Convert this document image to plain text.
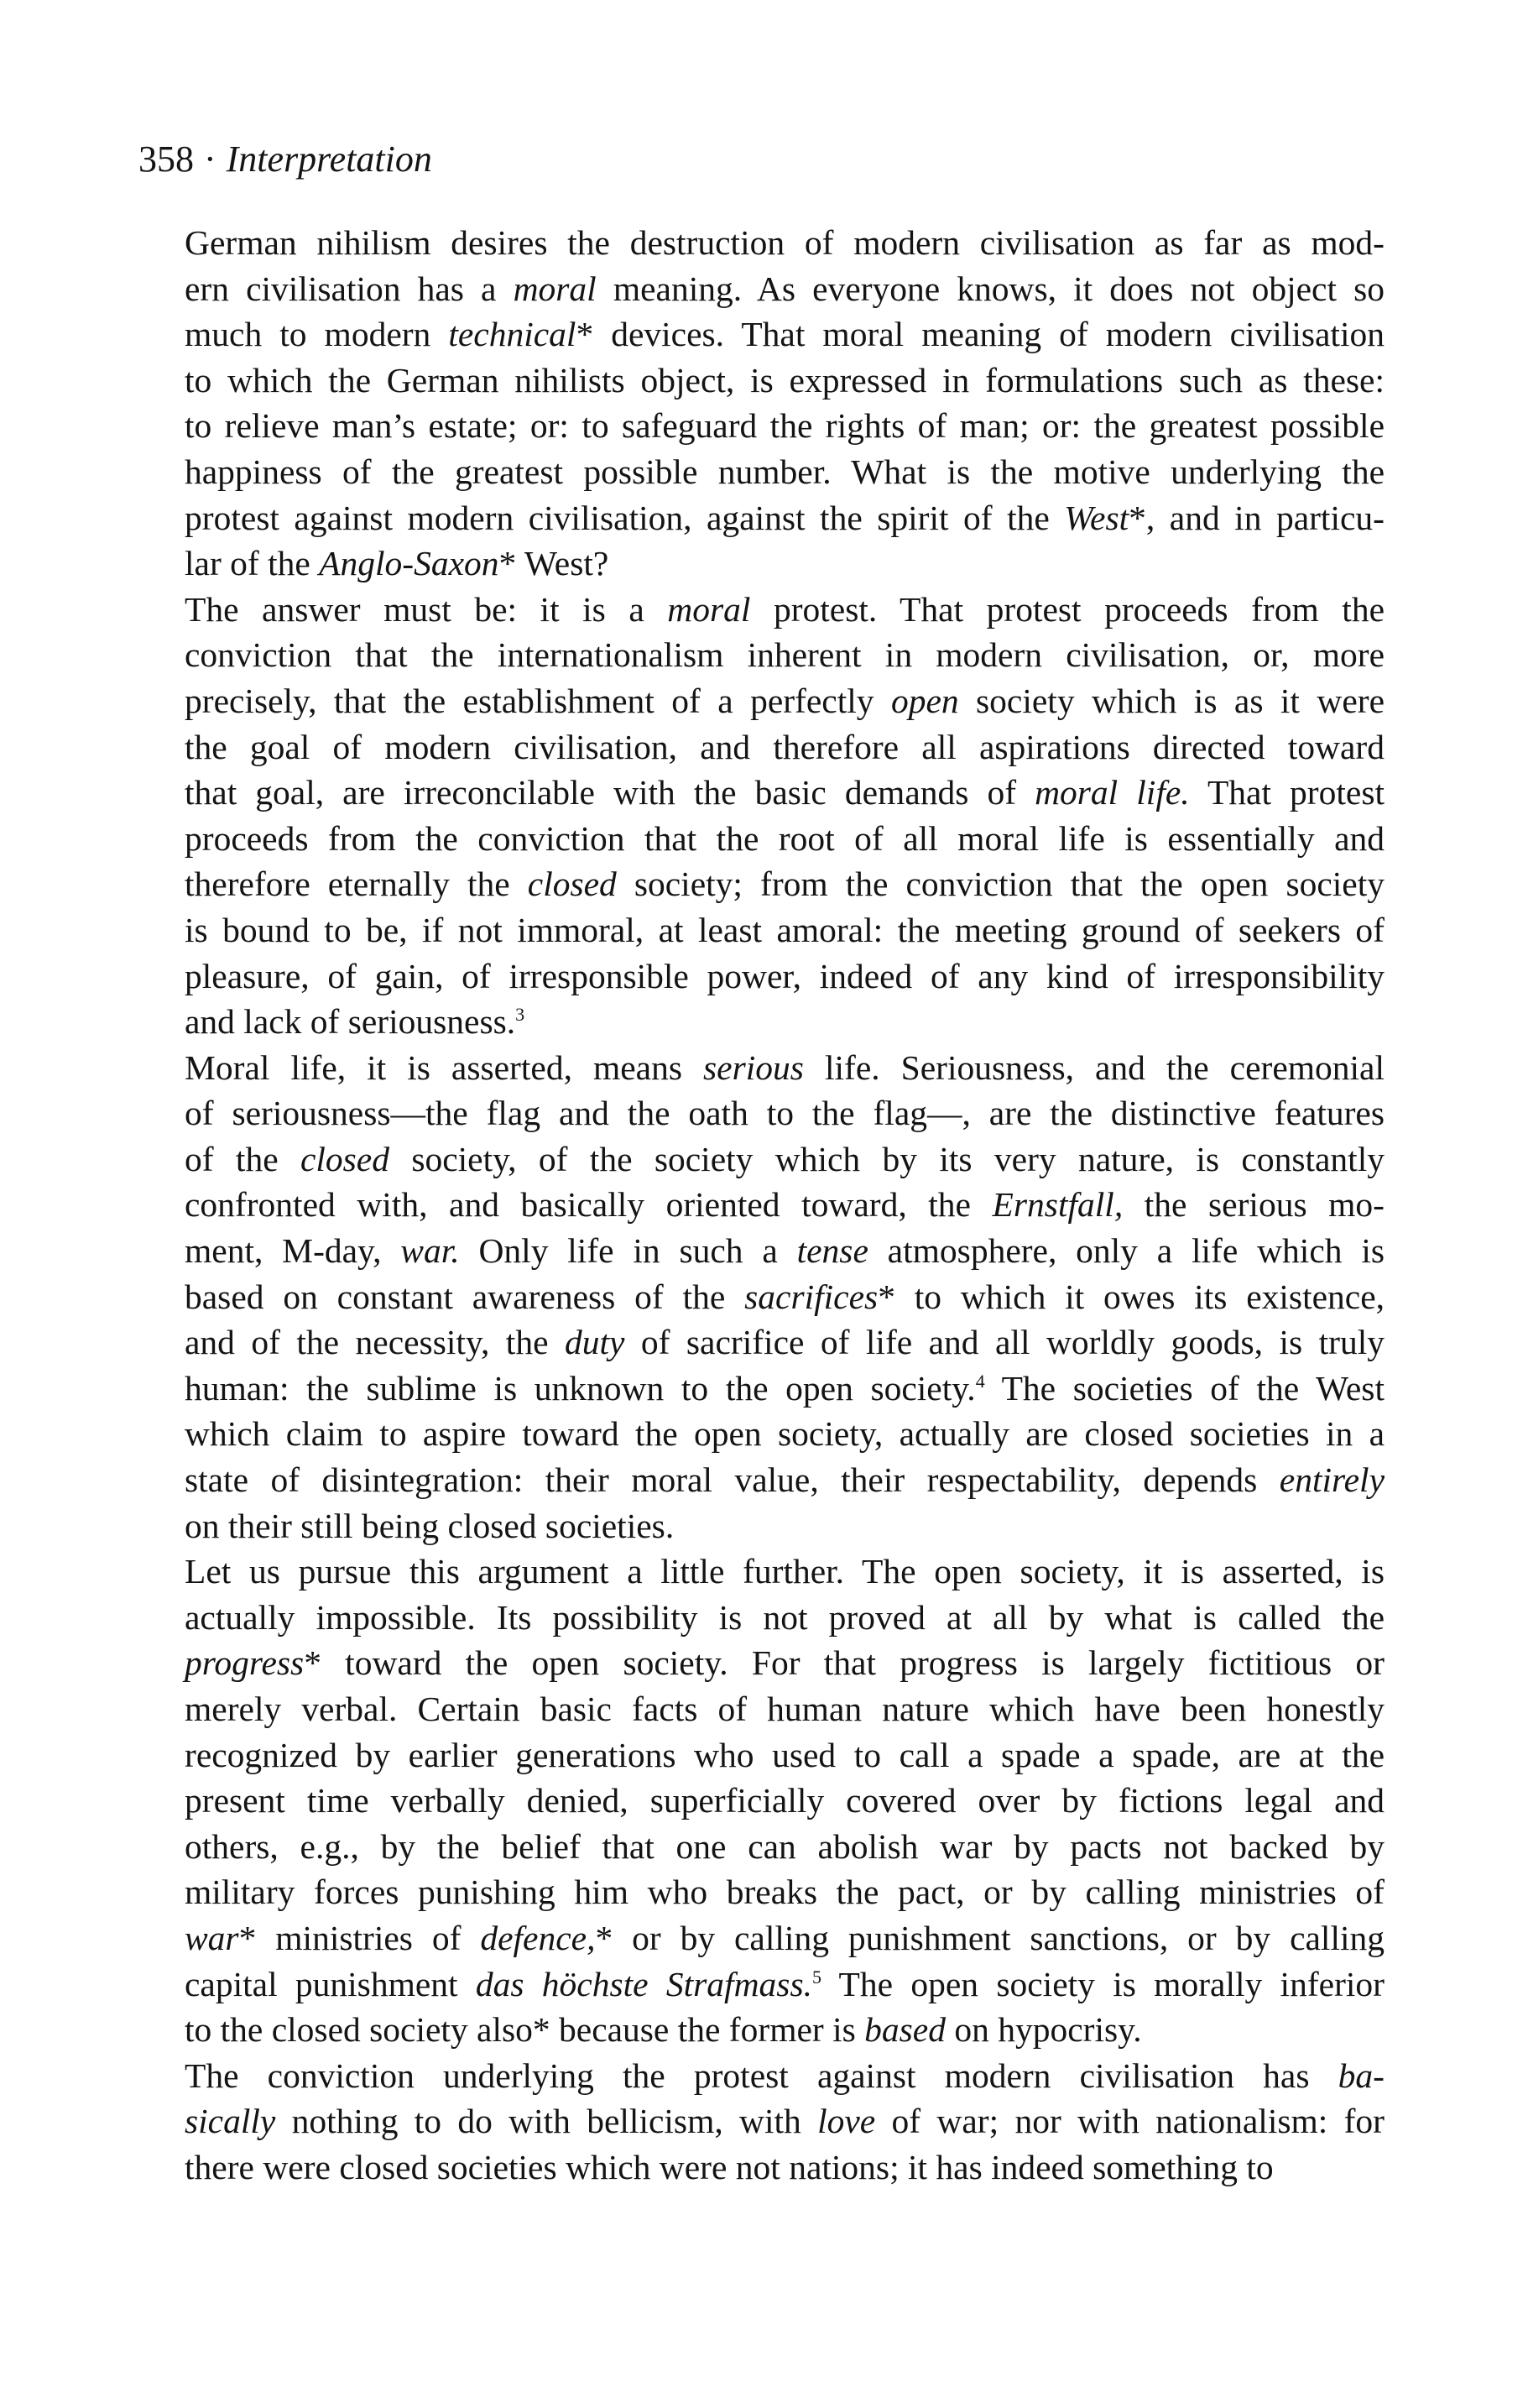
358 · Interpretation
German nihilism desires the destruction of modern civilisation as far as mod-
ern civilisation has a moral meaning. As everyone knows, it does not object so
much to modern technical* devices. That moral meaning of modern civilisation
to which the German nihilists object, is expressed in formulations such as these:
to relieve man’s estate; or: to safeguard the rights of man; or: the greatest possible
happiness of the greatest possible number. What is the motive underlying the
protest against modern civilisation, against the spirit of the West*, and in particu-
lar of the Anglo-Saxon* West?
The answer must be: it is a moral protest. That protest proceeds from the
conviction that the internationalism inherent in modern civilisation, or, more
precisely, that the establishment of a perfectly open society which is as it were
the goal of modern civilisation, and therefore all aspirations directed toward
that goal, are irreconcilable with the basic demands of moral life. That protest
proceeds from the conviction that the root of all moral life is essentially and
therefore eternally the closed society; from the conviction that the open society
is bound to be, if not immoral, at least amoral: the meeting ground of seekers of
pleasure, of gain, of irresponsible power, indeed of any kind of irresponsibility
and lack of seriousness.$^3$
Moral life, it is asserted, means serious life. Seriousness, and the ceremonial
of seriousness—the flag and the oath to the flag—, are the distinctive features
of the closed society, of the society which by its very nature, is constantly
confronted with, and basically oriented toward, the Ernstfall, the serious mo-
ment, M-day, war. Only life in such a tense atmosphere, only a life which is
based on constant awareness of the sacrifices* to which it owes its existence,
and of the necessity, the duty of sacrifice of life and all worldly goods, is truly
human: the sublime is unknown to the open society.$^4$ The societies of the West
which claim to aspire toward the open society, actually are closed societies in a
state of disintegration: their moral value, their respectability, depends entirely
on their still being closed societies.
Let us pursue this argument a little further. The open society, it is asserted, is
actually impossible. Its possibility is not proved at all by what is called the
progress* toward the open society. For that progress is largely fictitious or
merely verbal. Certain basic facts of human nature which have been honestly
recognized by earlier generations who used to call a spade a spade, are at the
present time verbally denied, superficially covered over by fictions legal and
others, e.g., by the belief that one can abolish war by pacts not backed by
military forces punishing him who breaks the pact, or by calling ministries of
war* ministries of defence,* or by calling punishment sanctions, or by calling
capital punishment das höchste Strafmass.$^5$ The open society is morally inferior
to the closed society also* because the former is based on hypocrisy.
The conviction underlying the protest against modern civilisation has ba-
sically nothing to do with bellicism, with love of war; nor with nationalism: for
there were closed societies which were not nations; it has indeed something to
